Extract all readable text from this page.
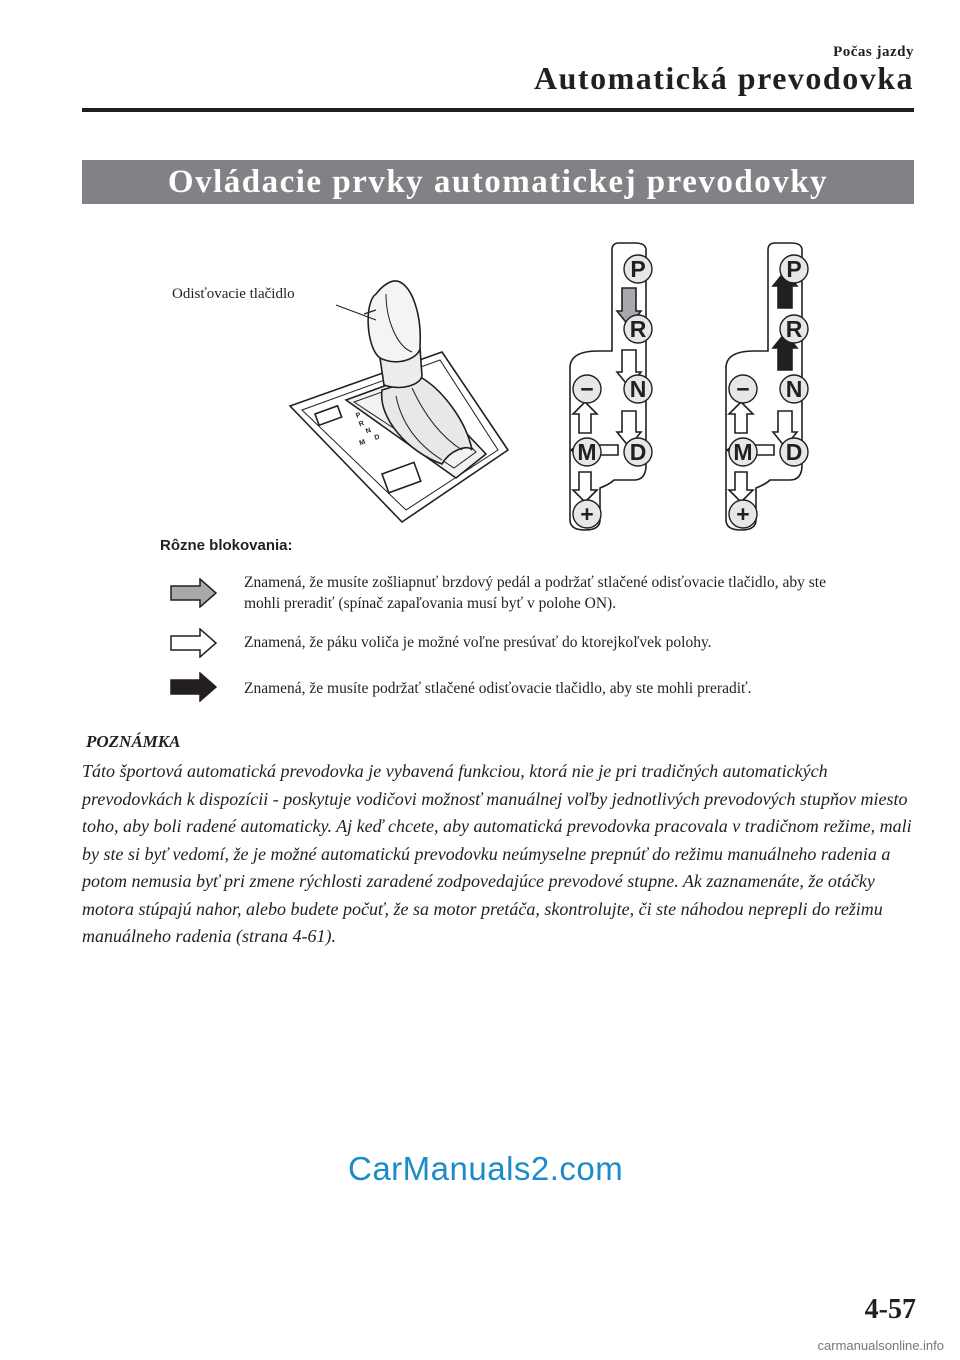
Počas jazdy
Automatická prevodovka
Ovládacie prvky automatickej prevodovky
Odisťovacie tlačidlo
P
R
N
D
M
P
R
N
D
M
−
+
P
R
N
D
M
−
+
Rôzne blokovania:
Znamená, že musíte zošliapnuť brzdový pedál a podržať stlačené odisťovacie tlačidlo, aby ste mohli preradiť (spínač zapaľovania musí byť v polohe ON).
Znamená, že páku voliča je možné voľne presúvať do ktorejkoľvek polohy.
Znamená, že musíte podržať stlačené odisťovacie tlačidlo, aby ste mohli preradiť.
POZNÁMKA
Táto športová automatická prevodovka je vybavená funkciou, ktorá nie je pri tradičných automatických prevodovkách k dispozícii - poskytuje vodičovi možnosť manuálnej voľby jednotlivých prevodových stupňov miesto toho, aby boli radené automaticky. Aj keď chcete, aby automatická prevodovka pracovala v tradičnom režime, mali by ste si byť vedomí, že je možné automatickú prevodovku neúmyselne prepnúť do režimu manuálneho radenia a potom nemusia byť pri zmene rýchlosti zaradené zodpovedajúce prevodové stupne. Ak zaznamenáte, že otáčky motora stúpajú nahor, alebo budete počuť, že sa motor pretáča, skontrolujte, či ste náhodou neprepli do režimu manuálneho radenia (strana 4-61).
CarManuals2.com
4-57
carmanualsonline.info
